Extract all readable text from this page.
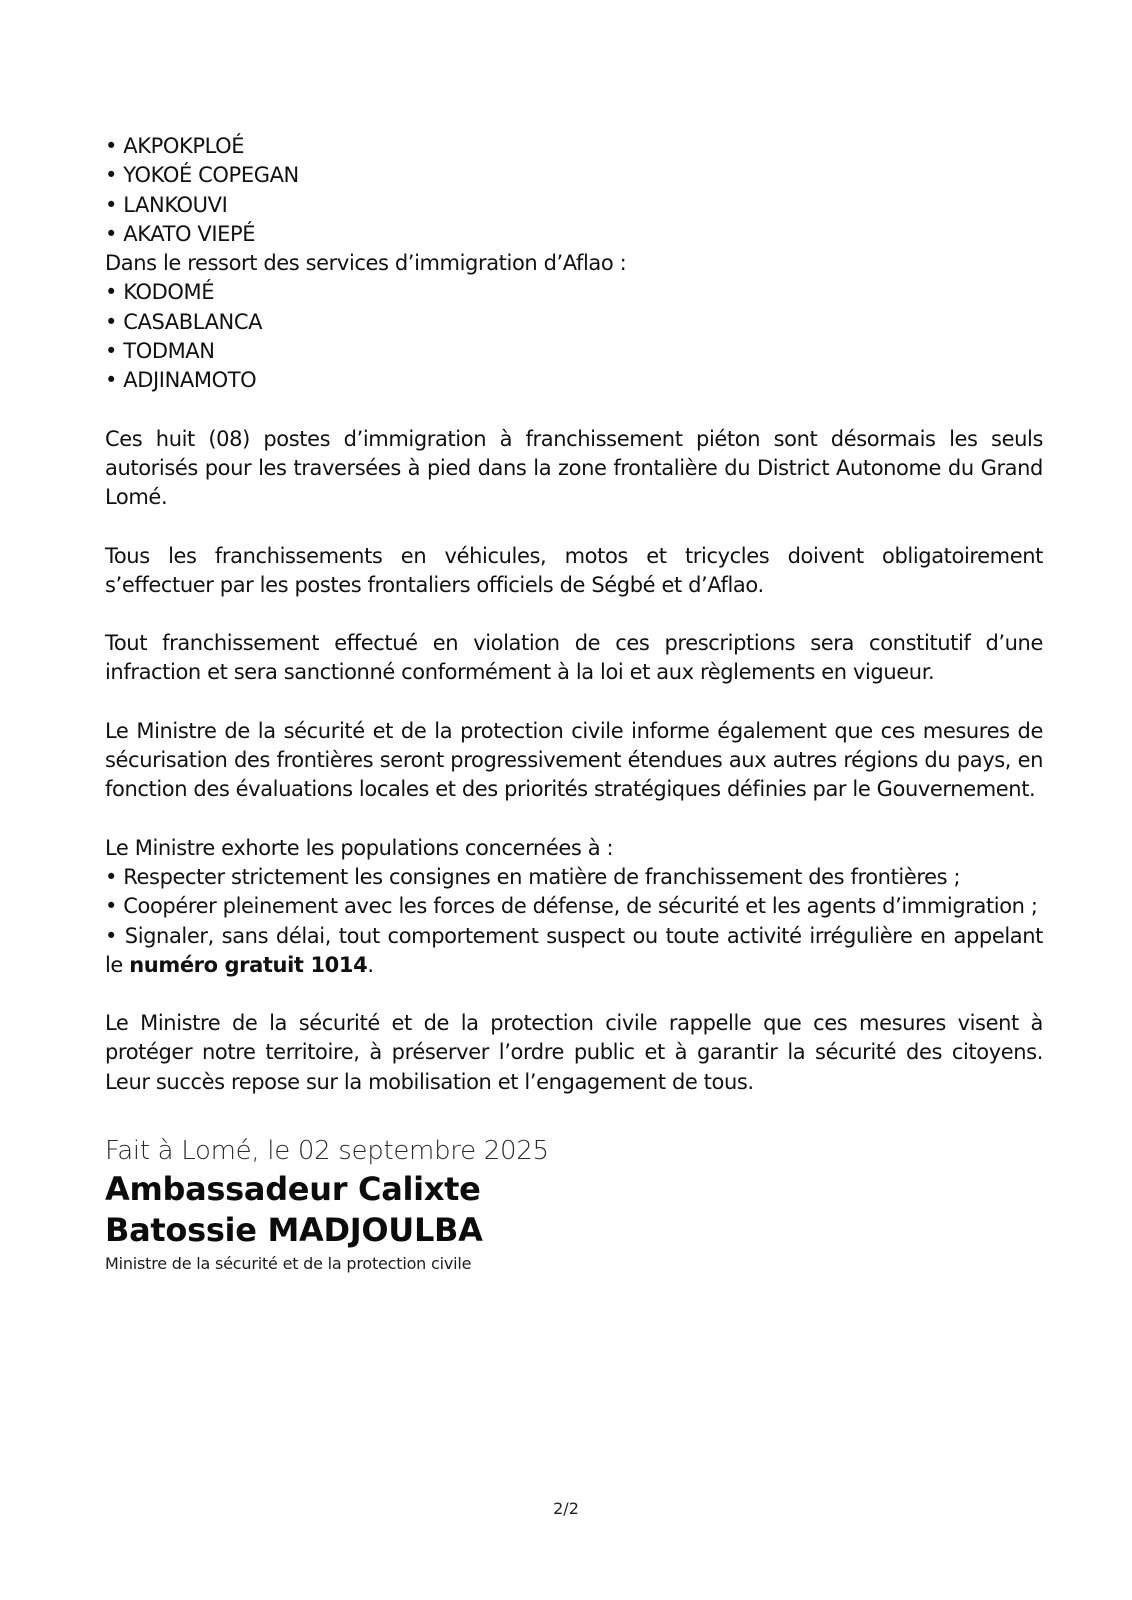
• AKPOKPLOÉ

• YOKOÉ COPEGAN

• LANKOUVI

• AKATO VIEPÉ

Dans le ressort des services d’immigration d’Aflao :

• KODOMÉ

• CASABLANCA

• TODMAN

• ADJINAMOTO

Ces huit (08) postes d’immigration à franchissement piéton sont désormais les seuls autorisés pour les traversées à pied dans la zone frontalière du District Autonome du Grand Lomé.

Tous les franchissements en véhicules, motos et tricycles doivent obligatoirement s’effectuer par les postes frontaliers officiels de Ségbé et d’Aflao.

Tout franchissement effectué en violation de ces prescriptions sera constitutif d’une infraction et sera sanctionné conformément à la loi et aux règlements en vigueur.

Le Ministre de la sécurité et de la protection civile informe également que ces mesures de sécurisation des frontières seront progressivement étendues aux autres régions du pays, en fonction des évaluations locales et des priorités stratégiques définies par le Gouvernement.

Le Ministre exhorte les populations concernées à :

• Respecter strictement les consignes en matière de franchissement des frontières ;

• Coopérer pleinement avec les forces de défense, de sécurité et les agents d’immigration ;

• Signaler, sans délai, tout comportement suspect ou toute activité irrégulière en appelant le numéro gratuit 1014.

Le Ministre de la sécurité et de la protection civile rappelle que ces mesures visent à protéger notre territoire, à préserver l’ordre public et à garantir la sécurité des citoyens. Leur succès repose sur la mobilisation et l’engagement de tous.

Fait à Lomé, le 02 septembre 2025

Ambassadeur Calixte

Batossie MADJOULBA

Ministre de la sécurité et de la protection civile

2/2
